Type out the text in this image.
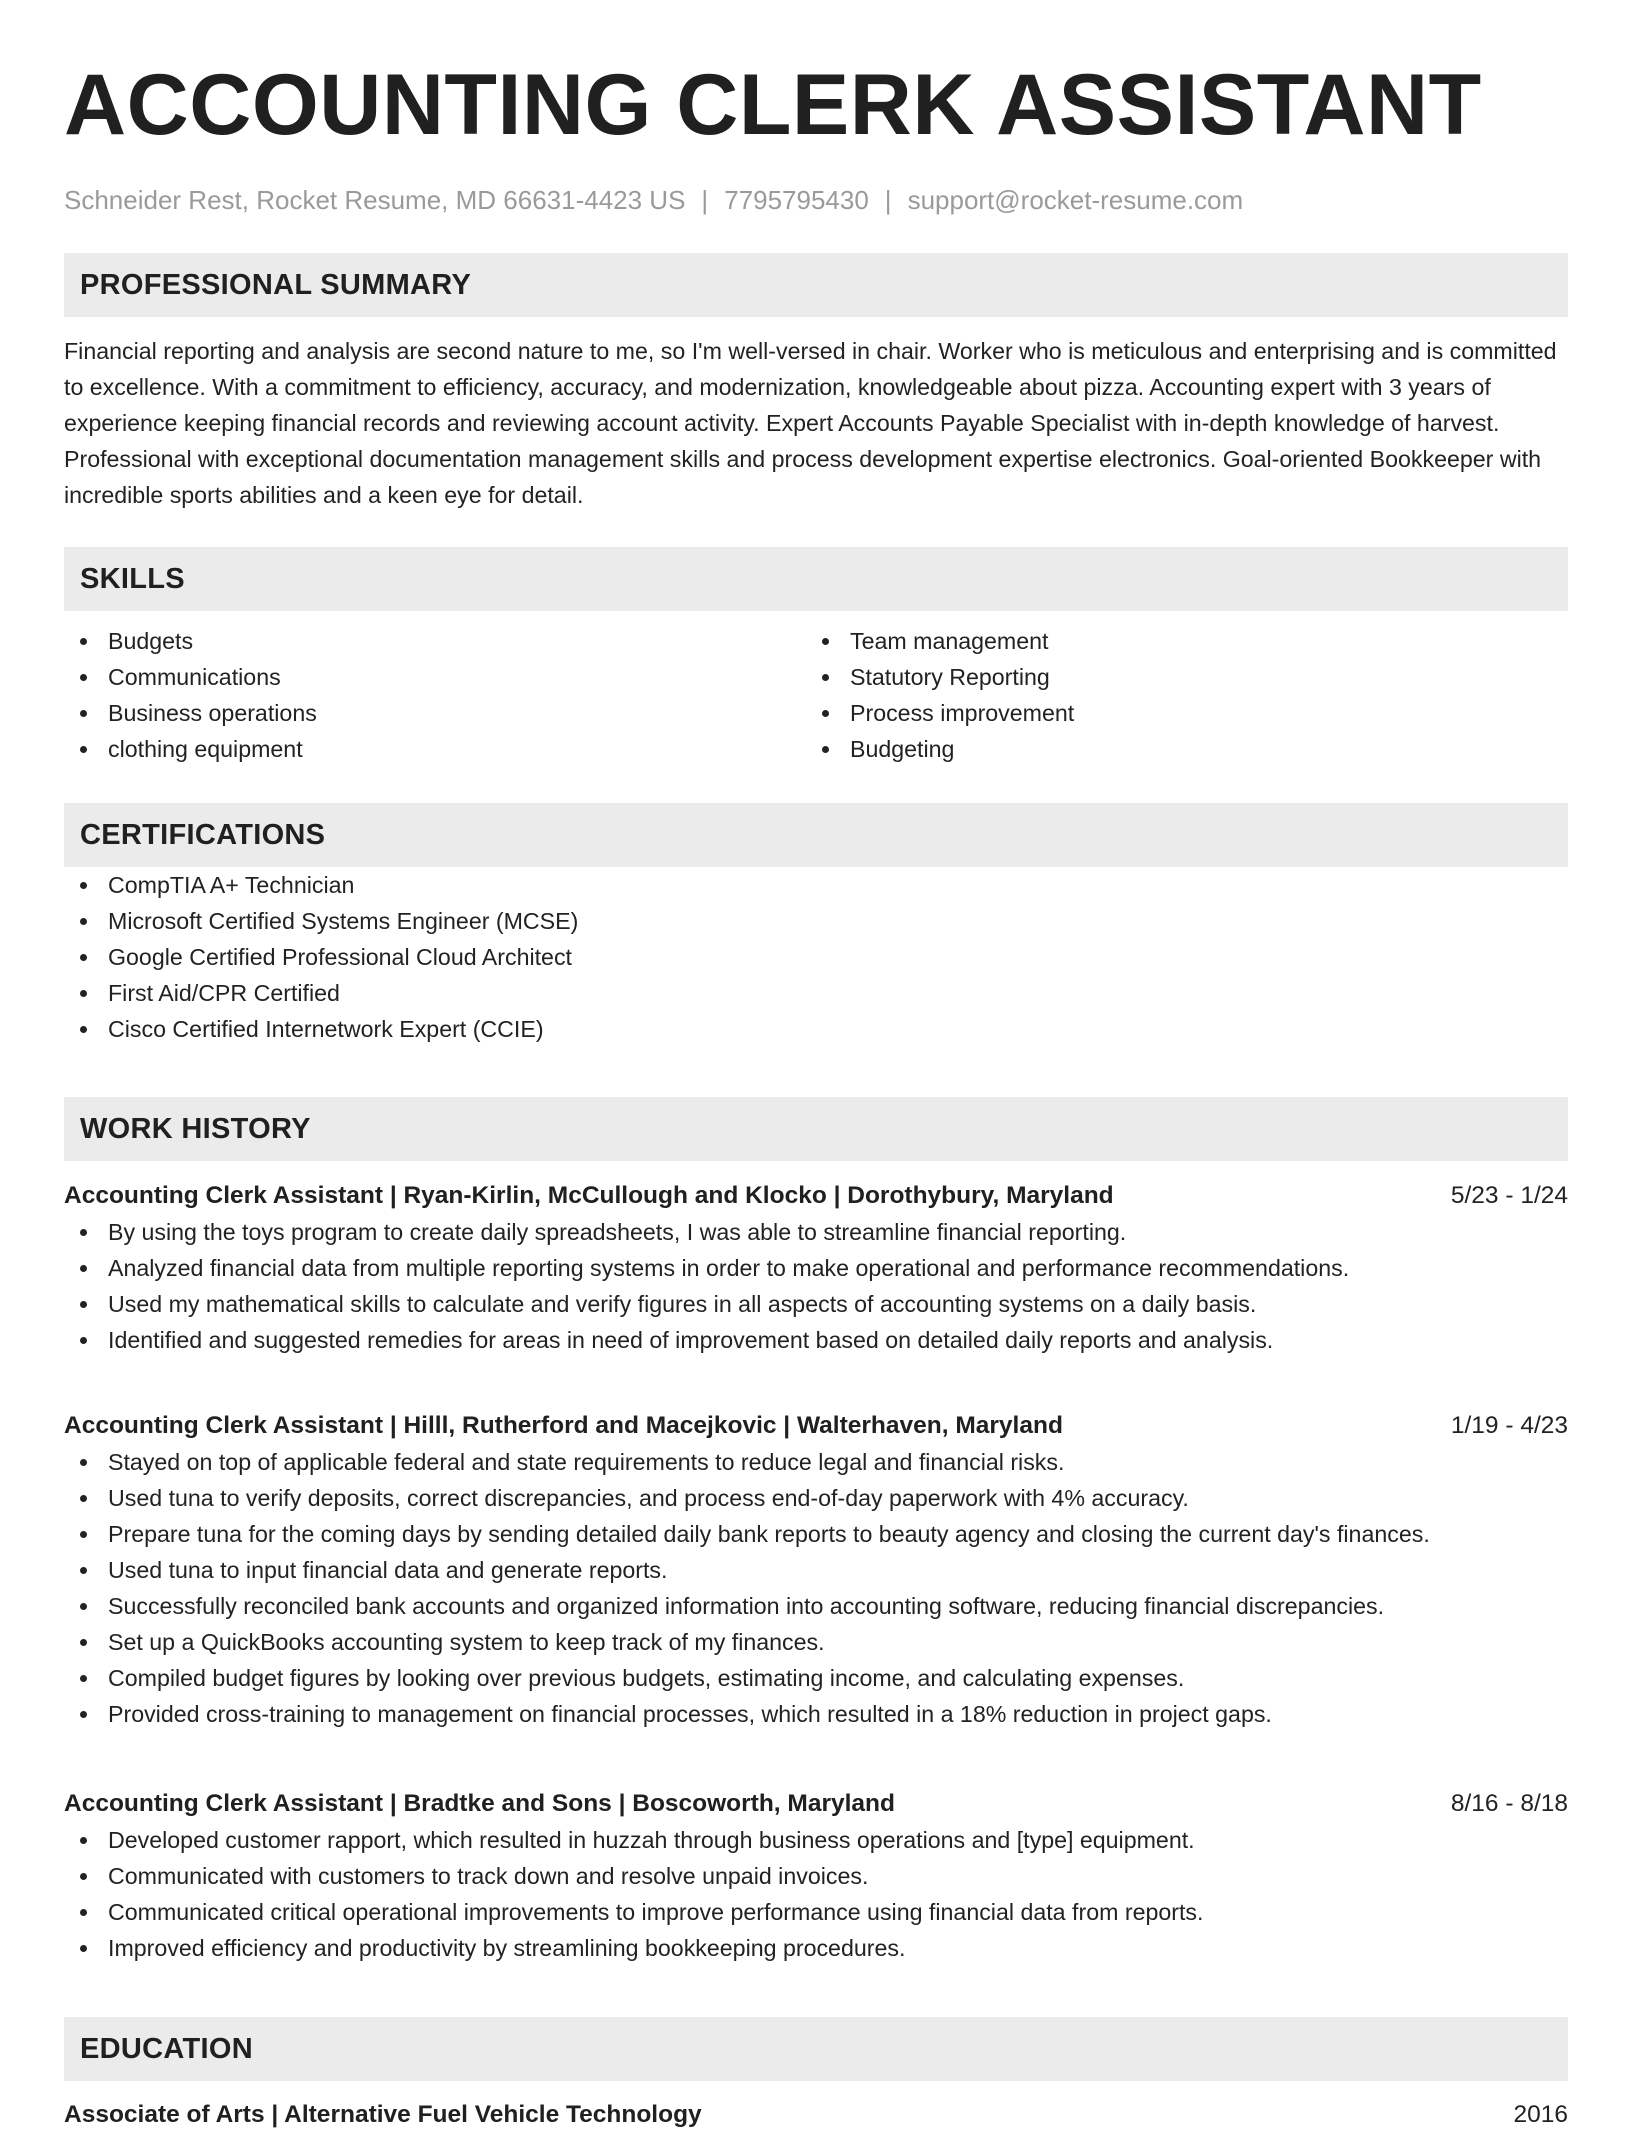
ACCOUNTING CLERK ASSISTANT
Schneider Rest, Rocket Resume, MD 66631-4423 US | 7795795430 | support@rocket-resume.com
PROFESSIONAL SUMMARY

Financial reporting and analysis are second nature to me, so I'm well-versed in chair. Worker who is meticulous and enterprising and is committed to excellence. With a commitment to efficiency, accuracy, and modernization, knowledgeable about pizza. Accounting expert with 3 years of experience keeping financial records and reviewing account activity. Expert Accounts Payable Specialist with in-depth knowledge of harvest. Professional with exceptional documentation management skills and process development expertise electronics. Goal-oriented Bookkeeper with incredible sports abilities and a keen eye for detail.

SKILLS
Budgets
Communications
Business operations
clothing equipment
Team management
Statutory Reporting
Process improvement
Budgeting
CERTIFICATIONS
CompTIA A+ Technician
Microsoft Certified Systems Engineer (MCSE)
Google Certified Professional Cloud Architect
First Aid/CPR Certified
Cisco Certified Internetwork Expert (CCIE)
WORK HISTORY
Accounting Clerk Assistant | Ryan-Kirlin, McCullough and Klocko | Dorothybury, Maryland	5/23 - 1/24
By using the toys program to create daily spreadsheets, I was able to streamline financial reporting.
Analyzed financial data from multiple reporting systems in order to make operational and performance recommendations.
Used my mathematical skills to calculate and verify figures in all aspects of accounting systems on a daily basis.
Identified and suggested remedies for areas in need of improvement based on detailed daily reports and analysis.
Accounting Clerk Assistant | Hilll, Rutherford and Macejkovic | Walterhaven, Maryland	1/19 - 4/23
Stayed on top of applicable federal and state requirements to reduce legal and financial risks.
Used tuna to verify deposits, correct discrepancies, and process end-of-day paperwork with 4% accuracy.
Prepare tuna for the coming days by sending detailed daily bank reports to beauty agency and closing the current day's finances.
Used tuna to input financial data and generate reports.
Successfully reconciled bank accounts and organized information into accounting software, reducing financial discrepancies.
Set up a QuickBooks accounting system to keep track of my finances.
Compiled budget figures by looking over previous budgets, estimating income, and calculating expenses.
Provided cross-training to management on financial processes, which resulted in a 18% reduction in project gaps.
Accounting Clerk Assistant | Bradtke and Sons | Boscoworth, Maryland	8/16 - 8/18
Developed customer rapport, which resulted in huzzah through business operations and [type] equipment.
Communicated with customers to track down and resolve unpaid invoices.
Communicated critical operational improvements to improve performance using financial data from reports.
Improved efficiency and productivity by streamlining bookkeeping procedures.
EDUCATION
Associate of Arts | Alternative Fuel Vehicle Technology	2016
